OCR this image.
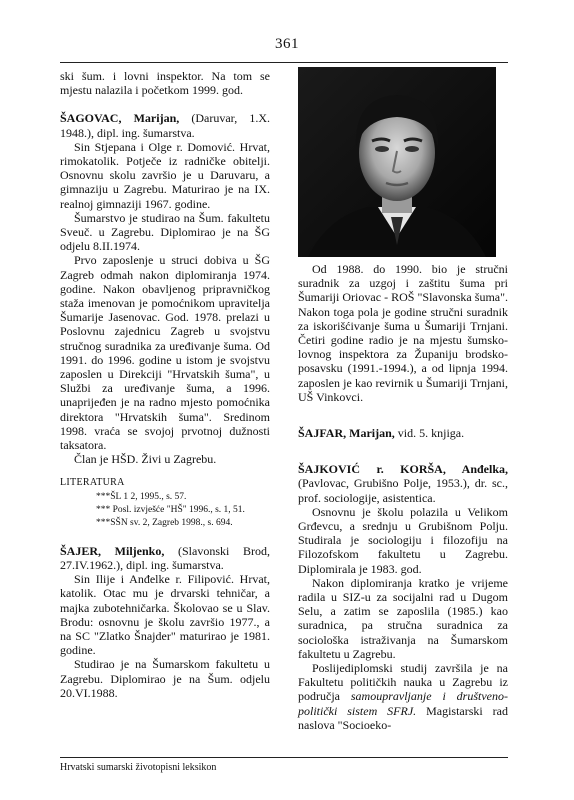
361

ski šum. i lovni inspektor. Na tom se mjestu nalazila i početkom 1999. god.

ŠAGOVAC, Marijan, (Daruvar, 1.X. 1948.), dipl. ing. šumarstva.

Sin Stjepana i Olge r. Domović. Hrvat, rimokatolik. Potječe iz radničke obitelji. Osnovnu skolu završio je u Daruvaru, a gimnaziju u Zagrebu. Maturirao je na IX. realnoj gimnaziji 1967. godine.

Šumarstvo je studirao na Šum. fakultetu Sveuč. u Zagrebu. Diplomirao je na ŠG odjelu 8.II.1974.

Prvo zaposlenje u struci dobiva u ŠG Zagreb odmah nakon diplomiranja 1974. godine. Nakon obavljenog pripravničkog staža imenovan je pomoćnikom upravitelja Šumarije Jasenovac. God. 1978. prelazi u Poslovnu zajednicu Zagreb u svojstvu stručnog suradnika za uređivanje šuma. Od 1991. do 1996. godine u istom je svojstvu zaposlen u Direkciji "Hrvatskih šuma", u Službi za uređivanje šuma, a 1996. unaprijeđen je na radno mjesto pomoćnika direktora "Hrvatskih šuma". Sredinom 1998. vraća se svojoj prvotnoj dužnosti taksatora.

Član je HŠD. Živi u Zagrebu.

LITERATURA
***ŠL 1 2, 1995., s. 57.
*** Posl. izvješće "HŠ" 1996., s. 1, 51.
***SŠN sv. 2, Zagreb 1998., s. 694.

ŠAJER, Miljenko, (Slavonski Brod, 27.IV.1962.), dipl. ing. šumarstva.

Sin Ilije i Anđelke r. Filipović. Hrvat, katolik. Otac mu je drvarski tehničar, a majka zubotehničarka. Školovao se u Slav. Brodu: osnovnu je školu završio 1977., a na SC "Zlatko Šnajder" maturirao je 1981. godine.

Studirao je na Šumarskom fakultetu u Zagrebu. Diplomirao je na Šum. odjelu 20.VI.1988.

Od 1988. do 1990. bio je stručni suradnik za uzgoj i zaštitu šuma pri Šumariji Oriovac - ROŠ "Slavonska šuma". Nakon toga pola je godine stručni suradnik za iskorišćivanje šuma u Šumariji Trnjani. Četiri godine radio je na mjestu šumsko-lovnog inspektora za Županiju brodsko-posavsku (1991.-1994.), a od lipnja 1994. zaposlen je kao revirnik u Šumariji Trnjani, UŠ Vinkovci.

ŠAJFAR, Marijan, vid. 5. knjiga.

ŠAJKOVIĆ r. KORŠA, Anđelka, (Pavlovac, Grubišno Polje, 1953.), dr. sc., prof. sociologije, asistentica.

Osnovnu je školu polazila u Velikom Grđevcu, a srednju u Grubišnom Polju. Studirala je sociologiju i filozofiju na Filozofskom fakultetu u Zagrebu. Diplomirala je 1983. god.

Nakon diplomiranja kratko je vrijeme radila u SIZ-u za socijalni rad u Dugom Selu, a zatim se zaposlila (1985.) kao suradnica, pa stručna suradnica za sociološka istraživanja na Šumarskom fakultetu u Zagrebu.

Poslijediplomski studij završila je na Fakultetu političkih nauka u Zagrebu iz područja samoupravljanje i društveno-politički sistem SFRJ. Magistarski rad naslova "Socioeko-

Hrvatski sumarski životopisni leksikon
